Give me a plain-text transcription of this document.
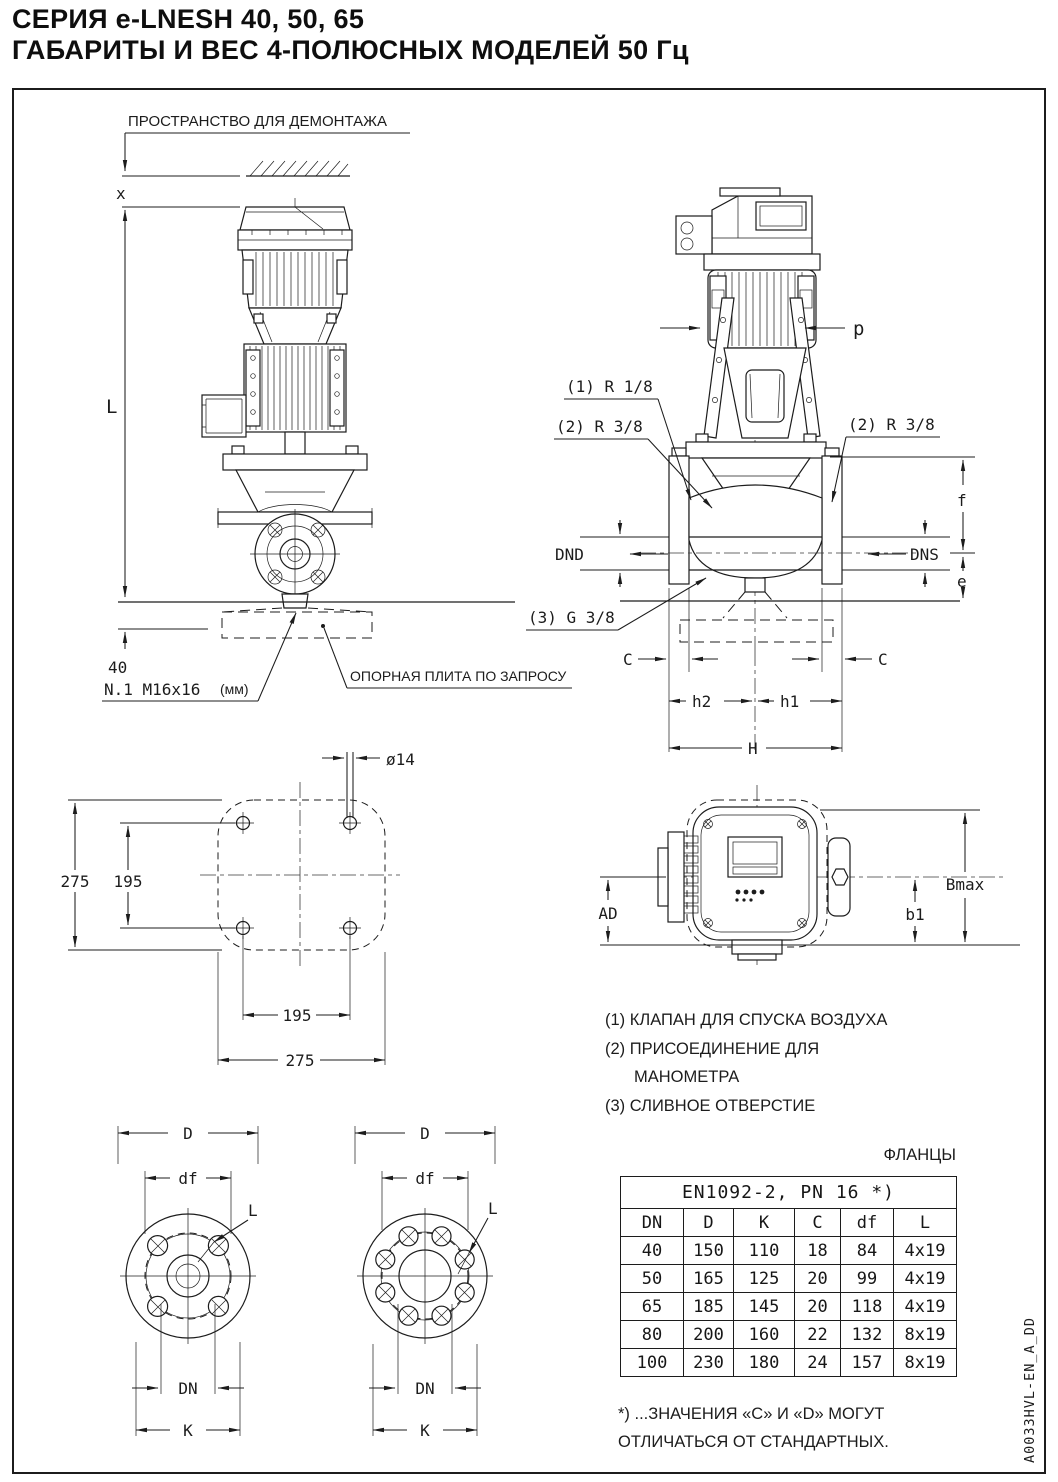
СЕРИЯ e-LNESH 40, 50, 65
ГАБАРИТЫ И ВЕС 4-ПОЛЮСНЫХ МОДЕЛЕЙ 50 Гц
ПРОСТРАНСТВО ДЛЯ ДЕМОНТАЖА
x
L
40
N.1 M16x16 (мм)
ОПОРНАЯ ПЛИТА ПО ЗАПРОСУ
p
(1) R 1/8
(2) R 3/8	(2) R 3/8
(3) G 3/8
DND	DNS
f
e
C	C
h2	h1
H
ø14
275 195
195
275
AD	b1
Bmax
(1) КЛАПАН ДЛЯ СПУСКА ВОЗДУХА
(2) ПРИСОЕДИНЕНИЕ ДЛЯ
МАНОМЕТРА
(3) СЛИВНОЕ ОТВЕРСТИЕ
D
df
L
DN
K
D
df
L
DN
K
ФЛАНЦЫ
EN1092-2, PN 16 *)					
DN	D	K	C	df	L
40	150	110	18	84	4x19
50	165	125	20	99	4x19
65	185	145	20	118	4x19
80	200	160	22	132	8x19
100	230	180	24	157	8x19
*) ...ЗНАЧЕНИЯ «C» И «D» МОГУТ
ОТЛИЧАТЬСЯ ОТ СТАНДАРТНЫХ.	A0033HVL-EN_A_DD
